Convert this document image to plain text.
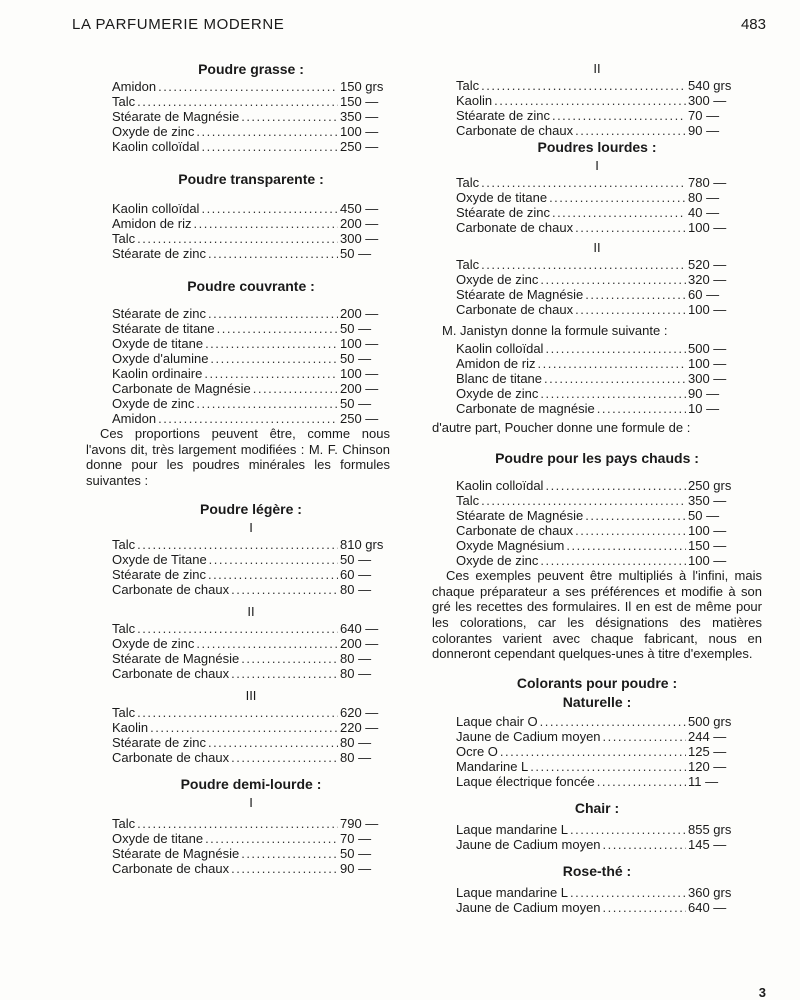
LA PARFUMERIE MODERNE	483
Poudre grasse :
Amidon .....	150 grs
Talc .....	150 —
Stéarate de Magnésie .....	350 —
Oxyde de zinc .....	100 —
Kaolin colloïdal .....	250 —
Poudre transparente :
Kaolin colloïdal .....	450 —
Amidon de riz .....	200 —
Talc .....	300 —
Stéarate de zinc .....	50 —
Poudre couvrante :
Stéarate de zinc .....	200 —
Stéarate de titane .....	50 —
Oxyde de titane .....	100 —
Oxyde d'alumine .....	50 —
Kaolin ordinaire .....	100 —
Carbonate de Magnésie .....	200 —
Oxyde de zinc .....	50 —
Amidon .....	250 —
Ces proportions peuvent être, comme nous l'avons dit, très largement modifiées : M. F. Chinson donne pour les poudres minérales les formules suivantes :
Poudre légère :
I
Talc .....	810 grs
Oxyde de Titane .....	50 —
Stéarate de zinc .....	60 —
Carbonate de chaux .....	80 —
II
Talc .....	640 —
Oxyde de zinc .....	200 —
Stéarate de Magnésie .....	80 —
Carbonate de chaux .....	80 —
III
Talc .....	620 —
Kaolin .....	220 —
Stéarate de zinc .....	80 —
Carbonate de chaux .....	80 —
Poudre demi-lourde :
I
Talc .....	790 —
Oxyde de titane .....	70 —
Stéarate de Magnésie .....	50 —
Carbonate de chaux .....	90 —
II
Talc .....	540 grs
Kaolin .....	300 —
Stéarate de zinc .....	70 —
Carbonate de chaux .....	90 —
Poudres lourdes :
I
Talc .....	780 —
Oxyde de titane .....	80 —
Stéarate de zinc .....	40 —
Carbonate de chaux .....	100 —
II
Talc .....	520 —
Oxyde de zinc .....	320 —
Stéarate de Magnésie .....	60 —
Carbonate de chaux .....	100 —
M. Janistyn donne la formule suivante :
Kaolin colloïdal .....	500 —
Amidon de riz .....	100 —
Blanc de titane .....	300 —
Oxyde de zinc .....	90 —
Carbonate de magnésie .....	10 —
d'autre part, Poucher donne une formule de :
Poudre pour les pays chauds :
Kaolin colloïdal .....	250 grs
Talc .....	350 —
Stéarate de Magnésie .....	50 —
Carbonate de chaux .....	100 —
Oxyde Magnésium .....	150 —
Oxyde de zinc .....	100 —
Ces exemples peuvent être multipliés à l'infini, mais chaque préparateur a ses préférences et modifie à son gré les recettes des formulaires. Il en est de même pour les colorations, car les désignations des matières colorantes varient avec chaque fabricant, nous en donneront cependant quelques-unes à titre d'exemples.
Colorants pour poudre :
Naturelle :
Laque chair O .....	500 grs
Jaune de Cadium moyen .....	244 —
Ocre O .....	125 —
Mandarine L .....	120 —
Laque électrique foncée .....	11 —
Chair :
Laque mandarine L .....	855 grs
Jaune de Cadium moyen .....	145 —
Rose-thé :
Laque mandarine L .....	360 grs
Jaune de Cadium moyen .....	640 —
3
